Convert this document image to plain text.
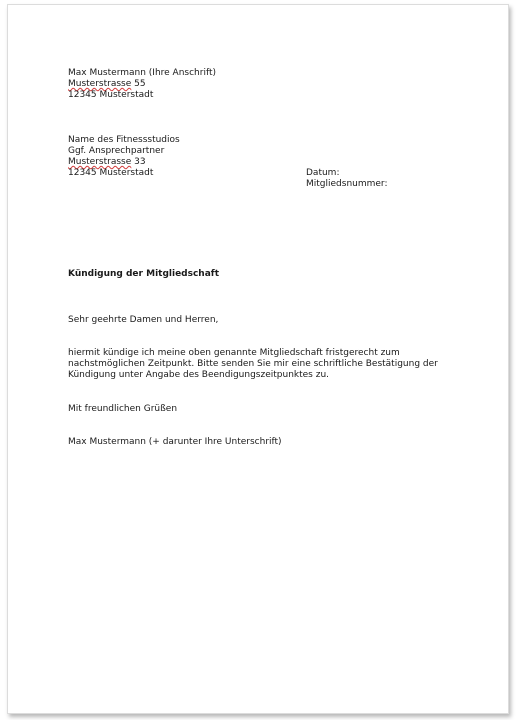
Max Mustermann (Ihre Anschrift)
Musterstrasse 55
12345 Musterstadt
Name des Fitnessstudios
Ggf. Ansprechpartner
Musterstrasse 33
12345 Musterstadt	Datum:
Mitgliedsnummer:
Kündigung der Mitgliedschaft
Sehr geehrte Damen und Herren,
hiermit kündige ich meine oben genannte Mitgliedschaft fristgerecht zum
nachstmöglichen Zeitpunkt. Bitte senden Sie mir eine schriftliche Bestätigung der
Kündigung unter Angabe des Beendigungszeitpunktes zu.
Mit freundlichen Grüßen
Max Mustermann (+ darunter Ihre Unterschrift)
